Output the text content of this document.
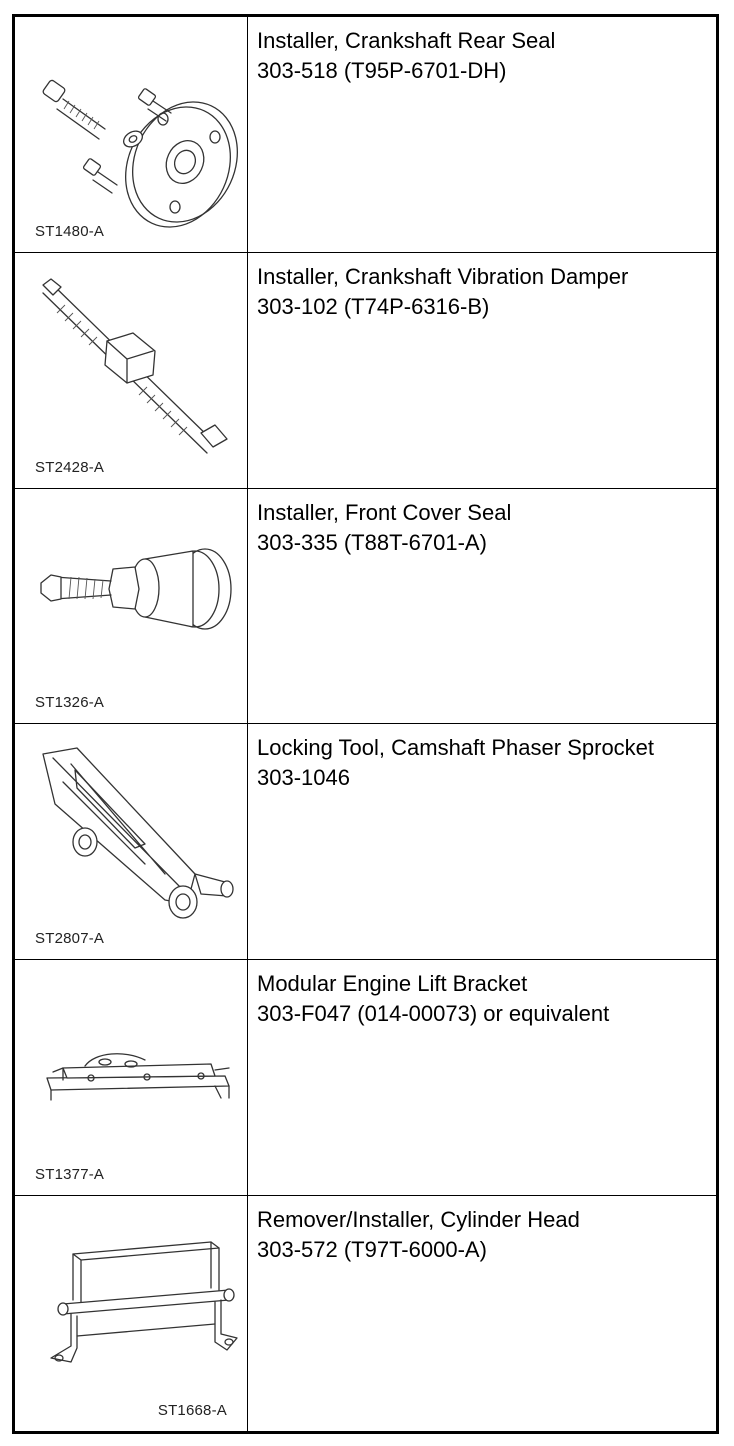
ST1480-A
Installer, Crankshaft Rear Seal
303-518 (T95P-6701-DH)
ST2428-A
Installer, Crankshaft Vibration Damper
303-102 (T74P-6316-B)
ST1326-A
Installer, Front Cover Seal
303-335 (T88T-6701-A)
ST2807-A
Locking Tool, Camshaft Phaser Sprocket
303-1046
ST1377-A
Modular Engine Lift Bracket
303-F047 (014-00073) or equivalent
ST1668-A
Remover/Installer, Cylinder Head
303-572 (T97T-6000-A)
